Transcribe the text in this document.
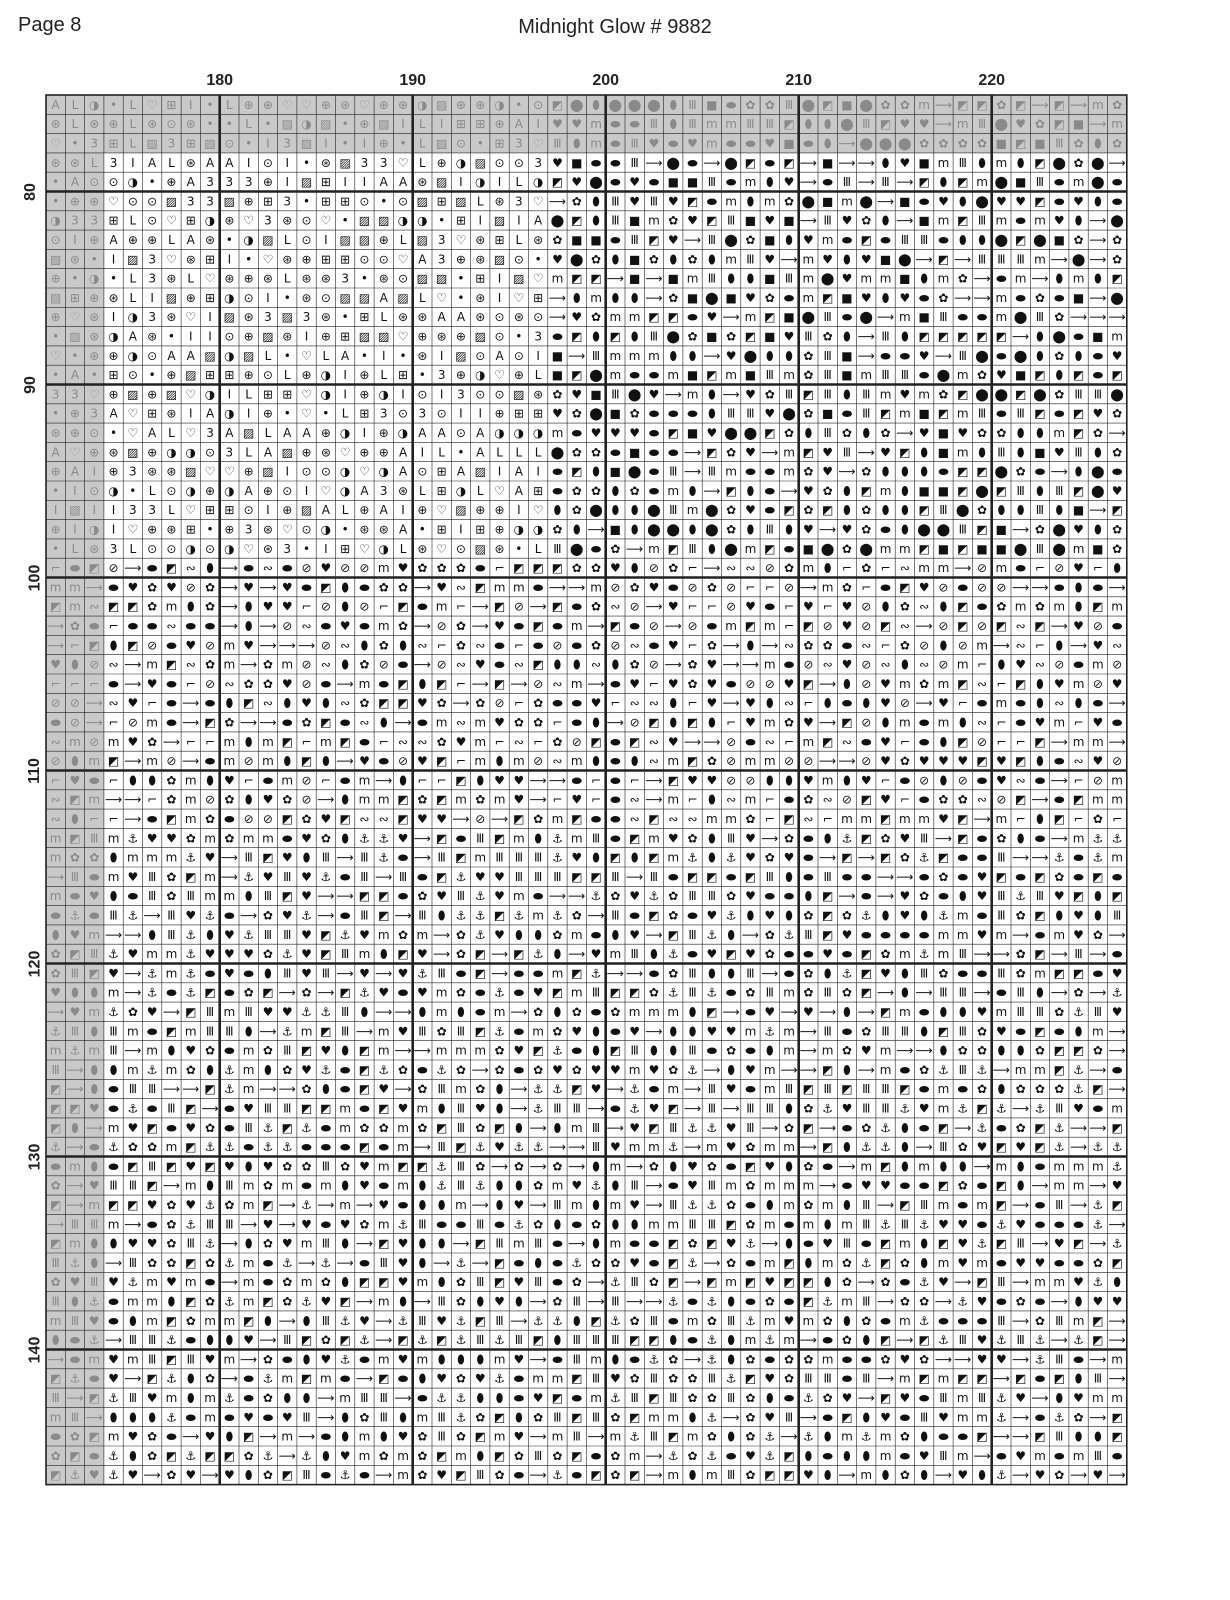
Page 8	Midnight Glow # 9882
180	190	200	210	220
80
90
100
110
120
130
140
A L ◑ • L ♡ ⊞ I • L ⊕ ⊕ ♡ ♡ ⊕ ⊛ ♡ ⊕ ⊕ ◑ ▨ ⊕ ⊕ ◑ • ⊙ ◩ ⬤ ⬮ ⬤ ⬤ ⬤ ⬮ Ⅲ ■ ⬬ ✿ ✿ Ⅲ ⬤ ◩ ■ ⬤ ✿ ✿ m ⟶ ◩ ◩ ✿ ◩ ⟶ ◩ ⟶ m ✿
⊛ L ⊛ ⊕ L ⊛ ⊙ ⊛ • • L • ▨ ◑ ▨ • ⊕ ▨ I L I ⊞ ⊞ ⊕ A I ♥ ♥ m ⬬ ⬬ Ⅲ ⬮ Ⅲ m m Ⅲ Ⅲ ◩ ⬮ ⬮ ⬤ Ⅲ ◩ ♥ ♥ ⟶ m Ⅲ ⬤ ♥ ✿ ◩ ■ ⟶ m
♡ • 3 ⊞ L ▨ 3 ⊞ ▨ ⊙ • I 3 ▨ I • I ⊕ • L ▨ ⊙ • ⊞ 3 ♡ Ⅲ ⬮ m ⬬ Ⅲ ♥ ⬬ ♥ m ⬬ ⬬ ♥ ■ ⬬ ⬮ ⟶ ⬤ ⬤ ⬤ ✿ ✿ ✿ ✿ ■ ◩ ■ Ⅲ ✿ ⬮ ✿
⊛ ⊛ L 3 I A L ⊛ A A I ⊙ I • ⊛ ▨ 3 3 ♡ L ⊕ ◑ ▨ ⊙ ⊙ 3 ♥ ■ ⬬ ⬬ Ⅲ ⟶ ⬤ ⬬ ⟶ ⬤ ◩ ⬬ ◩ ⟶ ■ ⟶ ⟶ ⬮ ♥ ■ m Ⅲ ⬮ m ⬮ ◩ ⬤ ✿ ⬤ ⟶
• A ⊙ ⊙ ◑ • ⊕ A 3 3 3 ⊕ I ▨ ⊞ I I A A ⊛ ▨ I ◑ I L ◑ ◩ ♥ ⬤ ⬬ ♥ ⬬ ■ ■ Ⅲ ⬬ m ⬮ ♥ ⟶ ⬬ Ⅲ ⟶ Ⅲ ⟶ ◩ ⬮ ◩ m ⬤ ■ Ⅲ ⬬ m ⬤ ⬬
• ⊕ ⊕ ♡ ⊙ ⊙ ▨ 3 3 ▨ ⊕ ⊞ 3 • ⊞ ⊞ ⊙ • ⊙ ▨ ⊞ ▨ L ⊛ 3 ♡ ⟶ ✿ ⬮ Ⅲ ♥ Ⅲ ♥ ◩ ⬬ m ⬮ m ✿ ⬤ ■ m ⬤ ⟶ ■ ⬬ ♥ ⬮ ⬤ ♥ ♥ ◩ ⬬ ♥ ⬮ ⬬
◑ 3 3 ⊞ L ⊙ ♡ ⊞ ◑ ⊛ ♡ 3 ⊛ ⊙ ♡ • ▨ ▨ ◑ ◑ • ⊞ I ▨ I A ⬤ ◩ ⬮ Ⅲ ■ m ✿ ♥ ◩ Ⅲ ■ ♥ ■ ⟶ Ⅲ ♥ ✿ ⬮ ⟶ ■ m ◩ Ⅲ m ⬬ m ♥ ⬮ ⟶ ⬤
⊙ I ⊕ A ⊕ ⊕ L A ⊛ • ◑ ▨ L ⊙ I ▨ ▨ ⊕ L ▨ 3 ♡ ⊛ ⊞ L ⊛ ✿ ■ ■ ⬬ Ⅲ ◩ ♥ ⟶ Ⅲ ⬤ ✿ ■ ⬮ ♥ m ⬬ ◩ ⬬ Ⅲ Ⅲ ⬬ ⬮ ⬮ ⬤ ◩ ⬤ ■ ✿ ⟶ ✿
▨ ⊛ • I ▨ 3 ♡ ⊛ ⊞ I • ♡ ⊛ ⊕ ⊞ ⊞ ⊙ ⊙ ♡ A 3 ⊕ ⊛ ▨ ⊙ • ♥ ⬤ ✿ ⬮ ■ ✿ ⬮ ✿ ⬮ m Ⅲ ♥ ⟶ m ♥ ⬮ ♥ ■ ⬤ ⟶ ◩ ⟶ Ⅲ Ⅲ Ⅲ m ⟶ ⬤ ⟶ ✿
⊕ • ◑ • L 3 ⊛ L ♡ ⊛ ⊕ ⊛ L ⊛ ⊛ 3 • ⊛ ⊙ ▨ ▨ • ⊞ I ▨ ♡ m ◩ ◩ ⟶ ■ ⟶ ■ m Ⅲ ⬮ ⬮ ■ Ⅲ m ⬤ ♥ m m ■ ⬮ m ✿ ⟶ ⬬ m ⟶ ⬮ m ⬮ ◩
▨ ⊞ ⊕ ⊛ L I ▨ ⊕ ⊞ ◑ ⊙ I • ⊛ ⊙ ▨ ▨ A ▨ L ♡ • ⊛ I ♡ ⊞ ⟶ ⬮ m ⬮ ⬮ ⟶ ✿ ■ ⬤ ■ ♥ ✿ ⬬ m ◩ ■ ♥ ⬮ ♥ ⬬ ✿ ⟶ ⟶ m ⬬ ✿ ⬬ ■ ⟶ ⬤
⊕ ♡ ⊛ I ◑ 3 ⊛ ♡ I ▨ ⊛ 3 ▨ 3 ⊛ • ⊞ L ⊛ ⊛ A A ⊛ ⊙ ⊛ ⊙ ⟶ ♥ ✿ m m ◩ ◩ ⬬ ♥ ⟶ m ◩ ■ ⬤ Ⅲ ⬬ ⬤ ⟶ m ■ Ⅲ ⬬ ⬬ m ⬤ Ⅲ ✿ ⟶ ⟶ ⟶
• ▨ ⊛ ◑ A ⊛ • I I ⊙ ⊕ ▨ ⊛ I ⊕ ⊞ ▨ ▨ ♡ ⊕ ⊛ ⊕ ▨ ⊙ • 3 ⬬ ◩ ⬮ ◩ ⬮ Ⅲ ⬤ ✿ ■ ✿ ◩ ■ ♥ Ⅲ ✿ ⬮ ⟶ Ⅲ ⬮ ◩ ◩ ◩ ◩ ◩ ⟶ ⬮ ⬤ ⬬ ■ m
♡ • ⊕ ⊕ ◑ ⊙ A A ▨ ◑ ▨ L • ♡ L A • I • ⊛ I ▨ ⊙ A ⊙ I ■ ⟶ Ⅲ m m m ⬮ ⬮ ⟶ ♥ ⬤ ⬮ ⬮ ✿ Ⅲ ■ ⟶ ⬬ ⬬ ♥ ⟶ Ⅲ ⬤ ⬬ ⬤ ⬮ ✿ ⬮ ⬬ ♥
• A • ⊞ ⊙ • ⊕ ▨ ⊞ ⊞ ⊕ ⊙ L ⊕ ◑ I ⊕ L ⊞ • 3 ⊕ ◑ ♡ ⊕ L ■ ◩ ⬤ m ⬬ ⬬ m ■ ◩ m ■ Ⅲ m ✿ Ⅲ ■ m Ⅲ Ⅲ ⬬ ⬤ m ✿ ♥ ■ ◩ ⬮ ◩ ⬬ ◩
3 3 ♡ ⊕ ▨ ⊕ ▨ ♡ ◑ I L ⊞ ⊞ ♡ ◑ I ⊕ ◑ I ⊙ I 3 ⊙ ⊙ ▨ ⊛ ✿ ♥ ■ Ⅲ ⬤ ♥ ⟶ m ⬮ ⟶ ♥ ✿ Ⅲ ◩ Ⅲ ⬮ Ⅲ m ♥ m ✿ ◩ ⬤ ⬤ ◩ ⬤ ✿ Ⅲ Ⅲ ⬤
• ⊕ 3 A ♡ ⊞ ⊛ I A ◑ I ⊕ • ♡ • L ⊞ 3 ⊙ 3 ⊙ I I ⊕ ⊞ ⊞ ♥ ✿ ⬤ ■ ✿ ⬬ ⬬ ⬬ ⬮ Ⅲ Ⅲ ♥ ⬤ ✿ ■ ⬬ Ⅲ ◩ m ■ ◩ m Ⅲ ⬬ Ⅲ ◩ ⬬ ◩ ♥ ✿
⊛ ⊕ ⊙ • ♡ A L ♡ 3 A ▨ L A A ⊕ ◑ I ⊕ ◑ A A ⊙ A ◑ ◑ ◑ m ⬬ ♥ ♥ ♥ ⬬ ◩ ■ ♥ ⬤ ⬤ ◩ ✿ ⬮ Ⅲ ✿ ⬮ ✿ ⟶ ♥ ■ ♥ ✿ ✿ ⬮ ⬮ m ◩ ✿ ⟶
A ♡ ⊕ ⊛ ▨ ⊕ ◑ ◑ ⊙ 3 L A ▨ ⊕ ⊛ ♡ ⊕ ⊕ A I L • A L L L ⬤ ✿ ✿ ⬬ ■ ⬬ ⬬ ⟶ ◩ ✿ ♥ ⟶ m ◩ ♥ Ⅲ ⟶ ♥ ◩ ⬮ ■ m ⬮ Ⅲ ⬮ ■ ♥ Ⅲ ⬮ ✿
⊕ A I ⊕ 3 ⊛ ⊛ ▨ ♡ ♡ ⊕ ▨ I ⊙ ⊙ ◑ ♡ ◑ A ⊙ ⊞ A ▨ I A I ⬬ ◩ ⬮ ■ ⬤ ⬬ Ⅲ ⟶ Ⅲ m ⬬ ⬬ m ✿ ♥ ⟶ ✿ ⬮ ⬮ ⬮ ⬬ ◩ ◩ ⬤ ✿ ⬬ ⟶ ⬮ ⬤ ⬬
• I ⊙ ◑ • L ⊙ ◑ ⊕ ◑ A ⊕ ⊙ I ♡ ◑ A 3 ⊛ L ⊞ ◑ L ♡ A ⊞ ⬬ ✿ ✿ ⬮ ✿ ⬬ m ⬮ ⟶ ◩ ⬮ ⬬ ⟶ ♥ ✿ ⬮ ◩ m ⬮ ■ ■ ◩ ⬤ ◩ Ⅲ ⬮ Ⅲ ◩ ⬤ ♥
I ▨ I I 3 3 L ♡ ⊞ ⊞ ⊙ I ⊕ ▨ A L ⊕ A I ⊕ ♡ ▨ ⊕ ⊕ I ♡ ⬮ ✿ ⬤ ⬮ ⬮ ⬤ Ⅲ m ⬤ ✿ ♥ ⬬ ◩ ✿ ◩ ⬮ ✿ ⬮ ⬮ ◩ Ⅲ ⬤ ✿ ⬮ ⬮ Ⅲ ⬮ ■ ⟶ ◩
⊕ I ◑ I ♡ ⊕ ⊛ ⊞ • ⊕ 3 ⊛ ♡ ⊙ ◑ • ⊛ ⊛ A • ⊞ I ⊞ ⊕ ◑ ◑ ✿ ⬮ ⟶ ■ ⬮ ⬤ ⬤ ⬮ ⬤ ✿ ⬮ Ⅲ ⬮ ♥ ⟶ ♥ ✿ ⬬ ⬮ ⬤ ⬤ Ⅲ ◩ ■ ⟶ ✿ ⬤ ♥ ⬮ ✿
• L ⊛ 3 L ⊙ ⊙ ◑ ⊙ ◑ ♡ ⊛ 3 • I ⊞ ♡ ◑ L ⊛ ♡ ⊙ ▨ ⊛ • L Ⅲ ⬤ ⬬ ✿ ⟶ m ◩ Ⅲ ⬮ ⬤ m ◩ ⬬ ■ ⬤ ✿ ⬤ m m ◩ ■ ◩ ■ ■ ⬤ Ⅲ ⬤ m ■ ✿
⌐ ⬬ ◩ ⊘ ⟶ ⬬ ◩ ∾ ⬮ ⟶ ⬬ ∾ ⬬ ⊘ ♥ ⊘ ⊘ m ♥ ✿ ✿ ✿ ⬬ ⌐ ◩ ◩ ◩ ✿ ✿ ♥ ⬮ ⊘ ✿ ⌐ ⟶ ∾ ∾ ⊘ ✿ m ⬮ ⌐ ✿ ⌐ ∾ m m ⟶ ⊘ m ⬬ ⌐ ⊘ ♥ ⌐ ⬮
m m ⟶ ⬬ ♥ ✿ ♥ ⊘ ✿ ⟶ ♥ ⟶ ♥ ⬬ ◩ ⬮ ⬬ ✿ ✿ ⟶ ♥ ∾ ◩ m m ⬬ ⟶ ⟶ m ⊘ ✿ ♥ ⬬ ⊘ ✿ ⊘ ⌐ ⌐ ⊘ ⟶ m ✿ ⌐ ⬬ ◩ ♥ ⊘ ⬬ ⊘ ⊘ ⟶ ⟶ ⬬ ⬮ ⬬ ⟶
◩ m ∾ ◩ ◩ ✿ m ⬮ ✿ ⟶ ⬮ ♥ ♥ ⌐ ⊘ ⬮ ⊘ ⌐ ◩ ⬬ m ⌐ ⟶ ◩ ⊘ ⟶ ◩ ⬬ ✿ ∾ ⊘ ⟶ ♥ ⌐ ⌐ ⊘ ♥ ⬬ ⌐ ♥ ⌐ ♥ ⊘ ⬮ ✿ ∾ ⬮ ◩ ⬬ ✿ m ✿ m ⬮ ◩ m
⟶ ✿ ⬬ ⌐ ⬬ ⬬ ∾ ⬬ ⬬ ⟶ ⬮ ⟶ ⊘ ∾ ⬬ ♥ ⬬ m ✿ ⟶ ⊘ ✿ ⟶ ♥ ⬬ ◩ ⬬ m ⟶ ◩ ⬬ ⊘ ⟶ ⊘ ⬬ m ◩ m ⌐ ◩ ⊘ ♥ ⊘ ◩ ∾ ⟶ ⊘ ◩ ⊘ ◩ ∾ ◩ ⟶ ♥ ⊘ ⬬
⟶ ⌐ ◩ ⬮ ◩ ⊘ ⬬ ♥ ⊘ m ♥ ⟶ ⟶ ⟶ ⊘ ∾ ⬮ ✿ ⬮ ∾ ⌐ ✿ ∾ ⬬ ⌐ ⬬ ⊘ ⬬ ✿ ⊘ ∾ ⬬ ♥ ⌐ ✿ ⟶ ⬮ ⟶ ∾ ✿ ✿ ⬬ ∾ ⌐ ✿ ⊘ ⬮ ⊘ m ⟶ ∾ ⌐ ⬮ ⟶ ♥ ∾
♥ ⬮ ⊘ ∾ ⟶ m ◩ ∾ ✿ m ⟶ ✿ m ⊘ ∾ ⬮ ✿ ⊘ ⬬ ⟶ ⊘ ∾ ♥ ⬬ ∾ ◩ ⬮ ⬮ ∾ ⬮ ✿ ⊘ ⟶ ✿ ♥ ⟶ ⟶ m ⬬ ⊘ ∾ ♥ ⊘ ∾ ⬮ ∾ ⊘ m ⌐ ⬮ ♥ ∾ ⊘ ⬬ m ⊘
⌐ ⌐ ⌐ ⬬ ⟶ ♥ ⬬ ⌐ ⊘ ∾ ✿ ✿ ♥ ⊘ ⬬ ⟶ m ⬬ ◩ ⬮ ◩ ⌐ ⟶ ◩ ⟶ ⊘ ∾ m ⟶ ⬬ ♥ ⌐ ♥ ✿ ♥ ⬬ ⊘ ⊘ ♥ ◩ ⟶ ⬮ ⊘ ♥ m ✿ m ◩ ∾ ⌐ ◩ ⬮ ♥ m ⊘ ♥
⊘ ⊘ ⟶ ∾ ♥ ⌐ ⬬ ⟶ ⬬ ⬮ ◩ ∾ ⬮ ♥ ⬮ ∾ ✿ ◩ ◩ ♥ ✿ ⟶ ✿ ⊘ ⌐ ✿ ⬬ ⬬ ♥ ⌐ ∾ ∾ ⬮ ⌐ ♥ ⟶ ♥ ⬮ ∾ ⌐ ⬮ ⬬ ⬮ ♥ ⊘ ⟶ ♥ ⌐ ⬬ m ⬬ ⬮ ∾ ⬮ ⬬ ⟶
⬬ ⊘ ⟶ ⌐ ⊘ m ⬬ ⟶ ◩ ✿ ⟶ ⟶ ⬬ ✿ ◩ ⬬ ∾ ⬮ ⟶ ⬬ m ∾ m ♥ ✿ ✿ ⌐ ⬬ ⬮ ⟶ ⊘ ◩ ⬮ ◩ ⬮ ⌐ ♥ m ✿ ♥ ⟶ ◩ ⊘ ⬮ m ⬬ m ⬮ ∾ ⌐ ⬬ ♥ m ⌐ ♥ ⬬
∾ m ⊘ m ♥ ✿ ⟶ ⌐ ⌐ m ⬮ m ◩ ⌐ m ◩ ⬬ ⌐ ∾ ∾ ✿ ♥ m ⌐ ∾ ⌐ ✿ ⊘ ◩ ⬬ ◩ ∾ ♥ ⟶ ⟶ ⊘ ⬬ ∾ ⌐ m ◩ ∾ ⬬ ♥ ⌐ ⬬ ⬮ ◩ ⊘ ⌐ ⌐ ◩ ⟶ m m ⟶
⊘ ⬮ m ◩ ⟶ m ⊘ ⟶ ⬬ m ⊘ m ⬮ ◩ ⬮ ⟶ ♥ ⬬ ⊘ ♥ ◩ ⌐ m ⬮ m ⊘ ∾ m ⬮ ⬬ ⬮ ∾ m ◩ ✿ ⊘ m m ⊘ ⊘ ⟶ ⟶ ⊘ ♥ ✿ ♥ ♥ ♥ ◩ ♥ ◩ ⬮ ⬬ ∾ ♥ ⊘
⌐ ♥ ⬬ ⌐ ⬮ ⬮ ✿ m ⬮ ♥ ⌐ ⬬ m ⊘ ⌐ ⬬ m ⟶ ⬮ ⌐ ⌐ ◩ ⬮ ♥ ♥ ⟶ ⟶ ⬬ ⌐ ⬬ ⌐ ⟶ ◩ ♥ ♥ ⊘ ⊘ ⬮ ⬮ ♥ m ⬮ ♥ ⌐ ⬬ ⊘ ⬮ ⊘ ⬬ ♥ ∾ ⬬ ⟶ ⌐ ⊘ m
∾ ◩ m ⟶ ⟶ ⌐ ✿ m ⊘ ✿ ⬮ ♥ ✿ ⊘ ⟶ ⬮ m m ◩ ✿ ◩ m ✿ m ♥ ⟶ ⌐ ♥ ⌐ ⬬ ∾ ⟶ m ⌐ ⬮ ∾ m ⌐ ⬬ ✿ ∾ ⊘ ◩ ♥ ⌐ ⬬ ✿ ✿ ∾ ⊘ ◩ ⟶ ⬬ ◩ m m
∾ ⬮ ⌐ ⌐ ⟶ ⬬ ◩ m ✿ ⬬ ⊘ ⊘ ◩ ✿ ♥ ◩ ∾ ∾ ◩ ♥ ♥ ⟶ ⊘ ⟶ ◩ ✿ m ◩ ⬬ ⬬ ∾ ◩ ∾ ∾ m m ✿ ⌐ ◩ ∾ ⌐ m m ◩ m m ♥ ◩ ⟶ m ⌐ ⬮ ◩ ⌐ ✿ ⌐
m ◩ Ⅲ m ⚓ ♥ ♥ ✿ m ✿ m m ⬬ ♥ ✿ ⬮ ⚓ ⚓ ♥ ⟶ ◩ ⬬ Ⅲ ◩ m ⬮ ⚓ m Ⅲ ⬬ ◩ m ♥ ✿ ⬮ Ⅲ ♥ ⟶ ✿ ⬬ ⬮ ⚓ ◩ ✿ ♥ Ⅲ ⟶ ◩ ⬬ ✿ ⬮ ⬬ ⟶ m ⚓ ⚓
m ✿ ✿ ⬮ m m m ⚓ ♥ ⟶ Ⅲ ◩ ♥ ⬮ Ⅲ ⟶ Ⅲ ⚓ ⬬ ⟶ Ⅲ ◩ m Ⅲ Ⅲ Ⅲ ⚓ ♥ ⬮ ◩ ⬮ ◩ m ⚓ ⬮ ⚓ ♥ ✿ ♥ ⬬ ⟶ ◩ ⟶ ◩ ✿ ⚓ ◩ ⬬ ⬬ Ⅲ ⟶ ⟶ ⚓ ⬬ ⚓ m
⟶ Ⅲ ⬬ m ♥ Ⅲ ✿ ◩ m ⟶ ⚓ ♥ Ⅲ ♥ ⚓ ⬬ Ⅲ ⟶ Ⅲ ⬬ ◩ ⚓ ♥ ♥ Ⅲ Ⅲ Ⅲ ◩ ◩ Ⅲ ⟶ Ⅲ ⬬ ◩ ◩ ⬬ ◩ Ⅲ ⬮ ⬬ Ⅲ ⬬ ⬬ ⟶ ⟶ ⬬ ✿ ⬬ ♥ ◩ ⬬ ◩ ✿ ⬬ ◩ ⬬
m ⬬ ♥ ⬮ ⬬ Ⅲ ✿ Ⅲ m m ⬮ Ⅲ ◩ ♥ ⟶ ⟶ ◩ ◩ ⬬ ✿ ♥ Ⅲ ⚓ ♥ m ⬬ ⟶ ⟶ ⚓ ✿ ♥ ⚓ ✿ Ⅲ Ⅲ ✿ ♥ ⬬ ⬬ ⬮ ◩ ⟶ ⬬ ⟶ ♥ ✿ ⬬ ⬮ ♥ Ⅲ ⚓ Ⅲ ♥ ◩ ⬮ ◩
⬬ ⚓ ⬬ Ⅲ ⚓ ⟶ Ⅲ ♥ ⚓ ⬬ ⟶ ✿ ♥ ⚓ ⟶ ⬬ Ⅲ ◩ ⟶ Ⅲ ⬮ ⚓ ⚓ ◩ ⚓ m ⚓ ✿ ⟶ Ⅲ ⬬ ◩ ✿ ⬬ ♥ ⚓ ⬮ ♥ ⬮ ✿ ◩ ✿ ⚓ ⬮ ♥ ⬮ ⚓ m ⬬ Ⅲ ✿ ◩ ⬮ ♥ ⬮ Ⅲ
⬮ ♥ m ⟶ ⟶ ⬮ Ⅲ ⚓ ⬮ ♥ ⚓ Ⅲ Ⅲ ♥ ◩ ⚓ ♥ m ✿ m ⟶ ✿ ⚓ ♥ ⬮ ⬮ ✿ m ⬬ ⬮ ♥ ⟶ ◩ Ⅲ ⚓ ⬮ ⟶ ✿ ⚓ Ⅲ ◩ ♥ ⬬ ⬬ ⬬ ⬬ m m ♥ m ⟶ ⬬ m ♥ ✿ ⟶
✿ ◩ Ⅲ ⚓ ♥ m m ⚓ ♥ ♥ ♥ ✿ ⚓ ♥ ◩ Ⅲ m ⬮ ◩ ♥ ⟶ ✿ ◩ ⟶ ◩ ⚓ ⬮ ⟶ ♥ m Ⅲ ⬮ ⚓ ⬬ ♥ ◩ ♥ ✿ ⬬ ⬬ ♥ ⬬ ◩ ✿ m ⚓ m Ⅲ ⟶ ⟶ ✿ ◩ ⟶ Ⅲ ⟶ ⬬
✿ Ⅲ ◩ ♥ ⟶ ⚓ m ⚓ ⬬ ♥ ⬬ ⬮ Ⅲ ♥ Ⅲ ⟶ ♥ ⟶ ♥ ⚓ Ⅲ ⬬ ◩ ⟶ ⬬ ⬬ m ◩ ⚓ ⟶ ⟶ ⬬ ✿ Ⅲ ⬮ ⬮ Ⅲ ⟶ ⬬ ✿ ⬮ ⚓ ◩ ♥ ⬮ Ⅲ ✿ ⬬ ⬬ Ⅲ ✿ m ◩ ◩ ⬬ ♥
♥ ⬮ ⬮ m ⟶ ⚓ ⬬ ⚓ ◩ ⬬ ✿ ◩ ⟶ ✿ ⟶ ◩ ⚓ ♥ ⬬ ♥ m ✿ ⬬ ⚓ ⬬ ♥ ◩ m Ⅲ ◩ ◩ ✿ ⚓ Ⅲ ⚓ ⬬ ✿ Ⅲ m ✿ Ⅲ ✿ ◩ ⟶ ⬮ ⟶ Ⅲ Ⅲ ⟶ ⬬ Ⅲ ⬮ ⟶ ✿ ⟶ ⚓
⟶ ♥ m ⚓ ✿ ♥ ⟶ ◩ Ⅲ m Ⅲ ♥ ♥ ⚓ ⚓ Ⅲ ⬮ ⟶ ⟶ ⬮ m ⬮ ⬬ m ⟶ ✿ ⬮ ✿ ⬬ ✿ m m m ⬮ ◩ ⟶ ⬬ ♥ ⟶ ♥ ⟶ ⬮ ⟶ ◩ m ⬬ ⬮ ⬮ ♥ m Ⅲ Ⅲ ✿ ⚓ Ⅲ ♥
⚓ Ⅲ ⬮ Ⅲ m ⬬ ◩ m Ⅲ Ⅲ ⬮ ⟶ ⚓ m ◩ Ⅲ ⟶ m ♥ Ⅲ ✿ Ⅲ ◩ ⚓ ⬬ m ✿ ♥ ⬮ ⬬ ♥ ⟶ ⬮ ⬮ ♥ ♥ m ⚓ m ⟶ Ⅲ ⬬ ✿ Ⅲ Ⅲ ⬮ ◩ Ⅲ ✿ ♥ ⬬ ◩ ⬬ ⬮ m ⟶
m ⚓ m Ⅲ ⟶ m ⬮ ♥ ✿ ⬬ m ✿ Ⅲ ◩ ♥ ⬮ ◩ m ⟶ ⟶ m m m ✿ ♥ ◩ ⚓ ⬬ ⬮ ◩ Ⅲ ⬮ ⬮ Ⅲ ⬬ ✿ ⬬ ⬮ m ⟶ m ✿ ♥ m ⟶ ⟶ ⬮ ✿ ✿ ⬮ ⬮ ✿ ◩ ◩ ✿ ⟶
Ⅲ ⟶ ⬮ ⬮ m ⚓ m ✿ ⬮ ⚓ m ⬮ ✿ ♥ ⚓ ⬬ ◩ ⚓ ✿ ⬬ ⚓ ✿ ⟶ ✿ ⬬ ✿ ♥ ✿ ♥ ♥ m ♥ ✿ ⚓ ⟶ ⬮ ♥ m ⟶ ⟶ ◩ ⬮ ⟶ m ⬬ ✿ ⚓ Ⅲ ⚓ ⟶ m m ◩ ⚓ ⟶ ⬬
◩ ⟶ ⬮ ⬬ Ⅲ Ⅲ ⟶ ⟶ ◩ ⚓ m ⟶ ⟶ ✿ ⬮ ⬬ ◩ ♥ ⟶ ✿ Ⅲ m ✿ ⬮ ⟶ ⚓ ⚓ ◩ ♥ ⟶ ⚓ ⬬ m ⟶ Ⅲ ♥ ⬬ m Ⅲ ◩ Ⅲ ◩ Ⅲ Ⅲ ◩ ⬬ m ⬬ ✿ ⬮ ✿ ✿ ✿ ⚓ ◩ ⟶
◩ ◩ ♥ ⬬ ⚓ ⬬ Ⅲ ◩ ⟶ ⬬ ♥ Ⅲ Ⅲ ◩ ◩ m ⬬ ◩ ♥ m ⬮ Ⅲ ♥ ⬮ ⟶ ⚓ Ⅲ Ⅲ ⟶ ⬬ ⚓ ♥ ◩ ⟶ Ⅲ ⟶ Ⅲ Ⅲ ⬮ ✿ ⚓ ♥ Ⅲ Ⅲ ⚓ ♥ m ⚓ ◩ ⚓ ⟶ ⚓ Ⅲ ♥ ⬬ m
◩ ⬮ ⟶ m ♥ ◩ ⬬ ♥ ✿ ⬬ Ⅲ ⚓ ◩ ⚓ ⬬ m ✿ ✿ m ✿ ◩ Ⅲ ✿ ◩ ⬮ ⟶ ⬮ m Ⅲ ⟶ ♥ ◩ Ⅲ ⚓ ⚓ ♥ Ⅲ ⟶ ✿ ◩ ⟶ ⬬ ✿ ⚓ ⬮ ⬬ ◩ ⟶ ⚓ ⬬ ✿ ◩ ⚓ ⟶ ⟶ ◩
⚓ ⟶ ⬬ ⚓ ✿ ✿ m ◩ ⚓ ⚓ ⬬ ⚓ ⚓ ⬬ ⬬ ⬬ ◩ ⬬ m ⟶ Ⅲ ◩ ⚓ ♥ ⚓ ⚓ ⟶ ⟶ Ⅲ ♥ m m ⚓ ⟶ m ♥ ✿ m m ⟶ ◩ ⬮ ⚓ ⚓ ⬮ ⟶ Ⅲ ✿ ♥ ◩ ♥ ◩ ⚓ ⟶ ⚓ ⚓
⬬ m ⬮ ⬬ ◩ Ⅲ ◩ ♥ ◩ ♥ ⬮ ♥ ✿ ✿ Ⅲ ✿ ♥ m ◩ ◩ ⚓ Ⅲ ✿ ⟶ ✿ ⟶ ✿ ⟶ ⬮ m ⟶ ✿ ⬮ ♥ ✿ ⬬ ◩ ♥ ⬮ ✿ ⬬ ⟶ m ◩ ⬮ m ⬮ ⬮ ⟶ m ⬮ ⬬ m m m ⚓
✿ ⟶ ♥ Ⅲ Ⅲ ◩ ⟶ m ⬮ Ⅲ m ✿ m ⬬ m ⬮ ♥ ⬬ m ⬮ ⚓ Ⅲ ⚓ ⬮ ⬮ ✿ m ♥ ⚓ ⬮ Ⅲ ⟶ ⬬ ♥ Ⅲ m ✿ m m m ⟶ ⬬ ♥ ♥ ⬬ ⬬ ◩ ✿ ⬬ ◩ ⬮ ⟶ m m ⟶ ♥
◩ ⟶ m ◩ ◩ ♥ ✿ ♥ ⚓ ✿ m ◩ ⟶ ⚓ ⟶ m ⟶ ♥ ⬬ ⬮ ⬮ m ⟶ ⬮ ♥ ⟶ Ⅲ m ⬮ m ♥ ⟶ Ⅲ ⚓ ⚓ ✿ ⬬ ⬮ m ✿ m ⬮ Ⅲ ⟶ ◩ Ⅲ m ⬬ m ◩ ⟶ ⬬ Ⅲ ⟶ ⚓ ◩
⟶ Ⅲ Ⅲ m ⟶ ⬬ ✿ ⚓ Ⅲ Ⅲ ⟶ ♥ ⟶ ♥ ⬬ ♥ ✿ m ⚓ Ⅲ ⬬ ⬬ Ⅲ ⬬ ⚓ ✿ ⬮ ⬬ ✿ ⬮ ⬮ m m Ⅲ Ⅲ ◩ ✿ m ⬬ m ⬮ m Ⅲ ⚓ Ⅲ ⚓ ♥ ♥ ⬬ ⚓ ♥ ⬬ ⬬ ⬬ ⚓ ⟶
◩ m ⬮ ⬮ ♥ ♥ ✿ Ⅲ ⚓ ⟶ ⬮ ✿ ♥ m Ⅲ ⬮ ⟶ ◩ ♥ ⬮ ⬮ ⟶ ◩ Ⅲ m Ⅲ ⬬ ⟶ ⬮ m ⬬ ⬬ ◩ ✿ ◩ ♥ ⚓ ⟶ ⬮ ⬬ ♥ Ⅲ ⬬ ◩ m ⬮ ◩ ♥ ⚓ ◩ Ⅲ ⟶ ♥ ◩ ⟶ ⚓
Ⅲ ⚓ ⬮ ⟶ Ⅲ ✿ ✿ ◩ ✿ ⚓ m ⬬ ⚓ ⟶ ⚓ ⟶ ⬬ Ⅲ ♥ ⬮ ⟶ ⚓ ⟶ ◩ ⬬ ⬮ ⬬ ⚓ ✿ ✿ ♥ ⬬ ◩ ⚓ ⟶ ✿ ⬬ m ◩ ⬮ m ✿ ⚓ ◩ ✿ ⬮ m ♥ m ⬬ ♥ ♥ ⬬ ⬬ ✿ ◩
✿ ♥ Ⅲ ♥ ⚓ m ♥ m ⬬ ⟶ m ⬬ ✿ m ✿ ⬮ ◩ ◩ ♥ m ⬮ ✿ Ⅲ ◩ ♥ Ⅲ ⬬ ✿ ⟶ ⚓ Ⅲ ✿ ◩ ⟶ ◩ m ◩ ♥ ◩ ◩ ⬮ ✿ ⟶ ✿ ⬬ ⚓ ♥ ⟶ ◩ Ⅲ ⟶ m m ♥ ⚓ ⬮
Ⅲ ⬮ ⚓ ⬬ m m ⬮ ◩ ✿ ⚓ m ◩ ✿ ⚓ ♥ ◩ ⟶ m ⬮ ⟶ Ⅲ ✿ ⬮ ♥ ⬮ ⟶ ✿ Ⅲ ⟶ Ⅲ ⟶ ⟶ ⚓ ⬬ ⚓ ⬮ ⬬ ✿ ⬬ ◩ ⚓ m Ⅲ ⟶ ✿ ✿ ⟶ ⚓ ♥ ⬬ ✿ ⬬ ⟶ ⬮ ♥ ♥
m Ⅲ ♥ ⬬ ⬮ m ◩ ✿ m m ◩ ⬮ ⟶ ⬮ Ⅲ ⚓ ♥ ⟶ ⚓ Ⅲ ♥ ⚓ ◩ Ⅲ ⟶ ⚓ ⚓ ⬮ ◩ ⚓ ✿ Ⅲ ⬬ m ✿ Ⅲ ⚓ m ♥ m ✿ ⬮ ✿ ⬬ m ⚓ ⬬ ⬬ ⬬ Ⅲ ⟶ ✿ Ⅲ m ◩ ⟶
⬮ ⬬ ⚓ ⟶ Ⅲ Ⅲ ⚓ ⬬ ⬮ ⬮ ♥ ⟶ Ⅲ ◩ ✿ ◩ ⚓ ⟶ ◩ ⚓ ◩ ⚓ Ⅲ ⚓ Ⅲ ◩ ⬮ Ⅲ Ⅲ Ⅲ ◩ ◩ ⬮ ⬬ ⚓ ⬮ m ⚓ m ⟶ ⬬ ✿ ⬮ ◩ ⟶ ◩ ⚓ Ⅲ ♥ ⚓ Ⅲ ⚓ ⟶ ⚓ ◩ ⟶
⟶ ⬬ m ♥ m Ⅲ ◩ Ⅲ ♥ m ⟶ ✿ ⬬ ⬮ ♥ ⚓ ⬬ m ♥ m ⬮ ⬮ ⬮ m ♥ ⟶ ⬬ Ⅲ m ⬮ ⬬ ⚓ ✿ ⟶ ⚓ ⬮ ✿ ⬬ ✿ ✿ m ⬬ ⬬ ✿ ♥ ✿ ⟶ ⟶ ♥ ♥ ⟶ ⚓ Ⅲ ⬬ ⟶ m
◩ ⚓ ⬬ ♥ ⟶ ◩ ⚓ ⬮ ✿ ⟶ ⬬ ⚓ m ◩ m ⬬ ⟶ ◩ ⬬ ⬮ ♥ ✿ ♥ ⚓ ⬬ m m ◩ Ⅲ ♥ ✿ Ⅲ ✿ ✿ Ⅲ ⚓ ◩ ♥ ✿ Ⅲ Ⅲ ⬬ Ⅲ ⟶ m ◩ m ◩ ◩ ⟶ ◩ ⬬ ◩ ⬮ Ⅲ ⟶
Ⅲ ⟶ ◩ ⚓ Ⅲ ♥ m ⬮ m ⚓ ⬬ ✿ ⬮ ⬮ ⟶ m Ⅲ Ⅲ ⟶ ⬬ ⚓ ⚓ ⬮ ⬮ ⬬ ♥ ◩ ⬬ m ⚓ Ⅲ ◩ Ⅲ ✿ ✿ Ⅲ ✿ ⬮ ⬬ ⚓ ✿ ♥ ⟶ ◩ ♥ ⬬ Ⅲ m Ⅲ ⚓ ♥ ⟶ ⬮ ♥ m m
m Ⅲ ⟶ ⬮ ⬮ ⬮ ⚓ ⬬ m ⬬ ♥ ⬬ ♥ Ⅲ ⟶ ⬮ ✿ Ⅲ ⬮ m Ⅲ ⚓ ✿ ◩ ⬮ ✿ Ⅲ ◩ Ⅲ ✿ ◩ m m ⬮ ⚓ ⟶ ✿ ♥ Ⅲ ⟶ ⬬ ◩ ⬮ ♥ ⬬ Ⅲ ♥ m m ⚓ ⟶ ⬬ ⚓ ✿ ⟶ ◩
⬬ ✿ ◩ m ♥ ✿ ⬬ ⟶ ♥ ⬮ ◩ ⟶ m ⟶ ⬬ ⬮ m ⬮ ♥ ✿ Ⅲ ✿ ◩ m ♥ ⟶ m Ⅲ ⟶ m ⚓ Ⅲ ◩ m ✿ ⬮ ✿ ⚓ ⟶ ⚓ ⬮ m ⚓ m ✿ ⬮ ⬬ ⬬ ◩ ⟶ ⟶ ◩ Ⅲ ⬮ ⬮ ◩
✿ ◩ ⬬ ⚓ ⬮ ✿ ◩ ⚓ ◩ ◩ ✿ ⚓ ⟶ ⚓ ⬮ ♥ m ✿ m ✿ ◩ m ⬮ ◩ ✿ Ⅲ ✿ ◩ ⬬ ✿ m ⟶ ⚓ ✿ ⚓ ⬬ ♥ ⚓ ◩ ⬮ ⬬ ⬮ ⬮ m ⬬ ♥ Ⅲ m ⟶ ⬬ ♥ m ⬬ m Ⅲ ⬬
◩ ⚓ ♥ ⚓ ♥ ⟶ ✿ ♥ ⟶ ♥ ⬮ ✿ ◩ Ⅲ ⬬ ⚓ ⬬ ⟶ m ✿ ♥ ◩ Ⅲ ✿ ⬬ ⟶ ⚓ ⬬ ◩ ✿ ◩ ⟶ m ⬮ m Ⅲ ✿ ◩ ◩ ♥ ⬮ ⟶ m ⬮ ✿ ⬮ ⟶ ♥ ⬮ ⚓ ⟶ ♥ ✿ ⟶ ♥ ⟶
